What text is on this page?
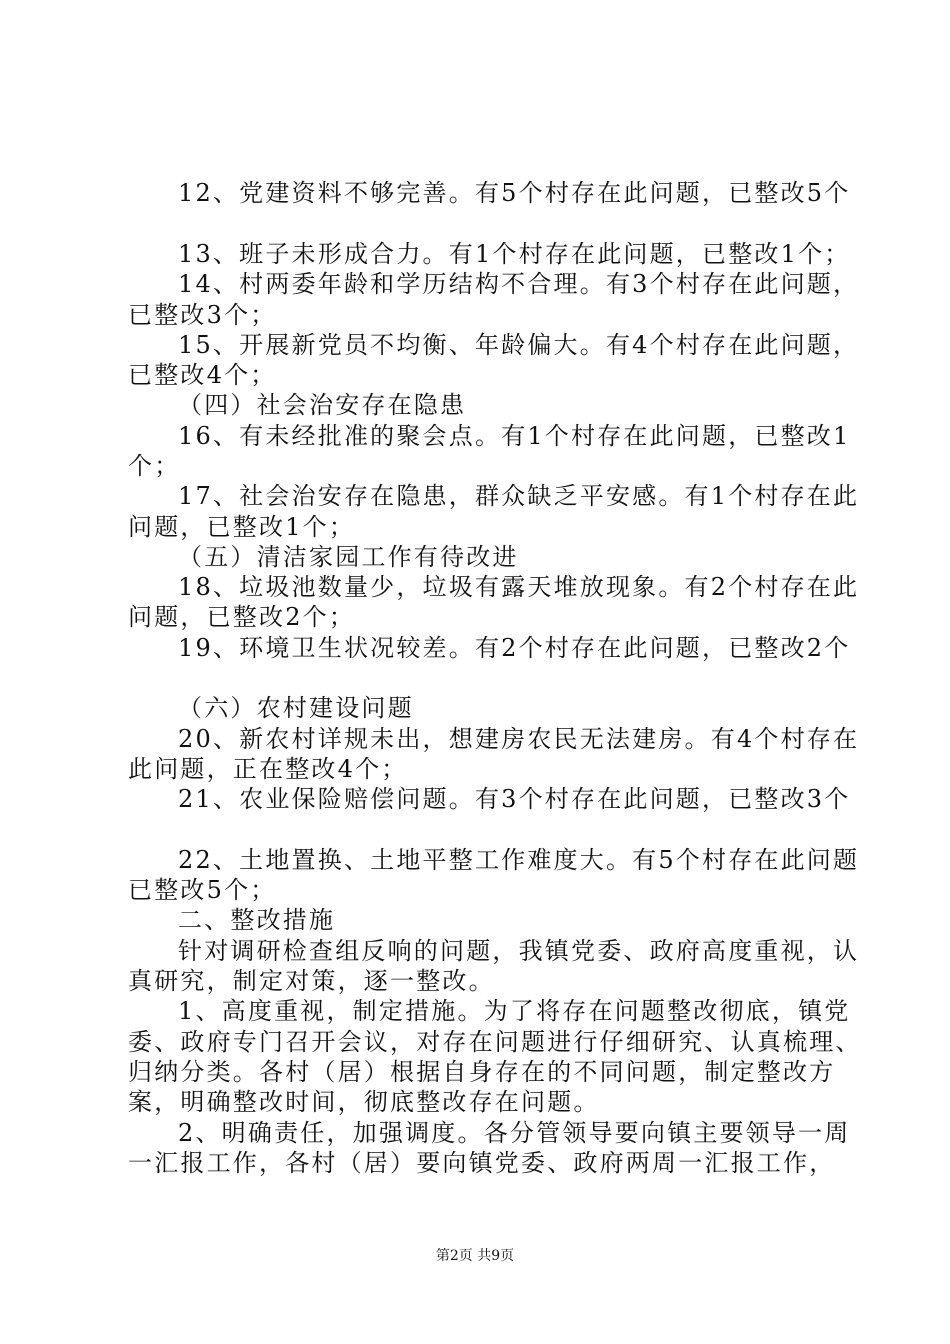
12、党建资料不够完善。有5个村存在此问题，已整改5个
13、班子未形成合力。有1个村存在此问题，已整改1个；
14、村两委年龄和学历结构不合理。有3个村存在此问题，
已整改3个；
15、开展新党员不均衡、年龄偏大。有4个村存在此问题，
已整改4个；
（四）社会治安存在隐患
16、有未经批准的聚会点。有1个村存在此问题，已整改1
个；
17、社会治安存在隐患，群众缺乏平安感。有1个村存在此
问题，已整改1个；
（五）清洁家园工作有待改进
18、垃圾池数量少，垃圾有露天堆放现象。有2个村存在此
问题，已整改2个；
19、环境卫生状况较差。有2个村存在此问题，已整改2个
（六）农村建设问题
20、新农村详规未出，想建房农民无法建房。有4个村存在
此问题，正在整改4个；
21、农业保险赔偿问题。有3个村存在此问题，已整改3个
22、土地置换、土地平整工作难度大。有5个村存在此问题
已整改5个；
二、整改措施
针对调研检查组反响的问题，我镇党委、政府高度重视，认
真研究，制定对策，逐一整改。
1、高度重视，制定措施。为了将存在问题整改彻底，镇党
委、政府专门召开会议，对存在问题进行仔细研究、认真梳理、
归纳分类。各村（居）根据自身存在的不同问题，制定整改方
案，明确整改时间，彻底整改存在问题。
2、明确责任，加强调度。各分管领导要向镇主要领导一周
一汇报工作，各村（居）要向镇党委、政府两周一汇报工作，
第2页 共9页
